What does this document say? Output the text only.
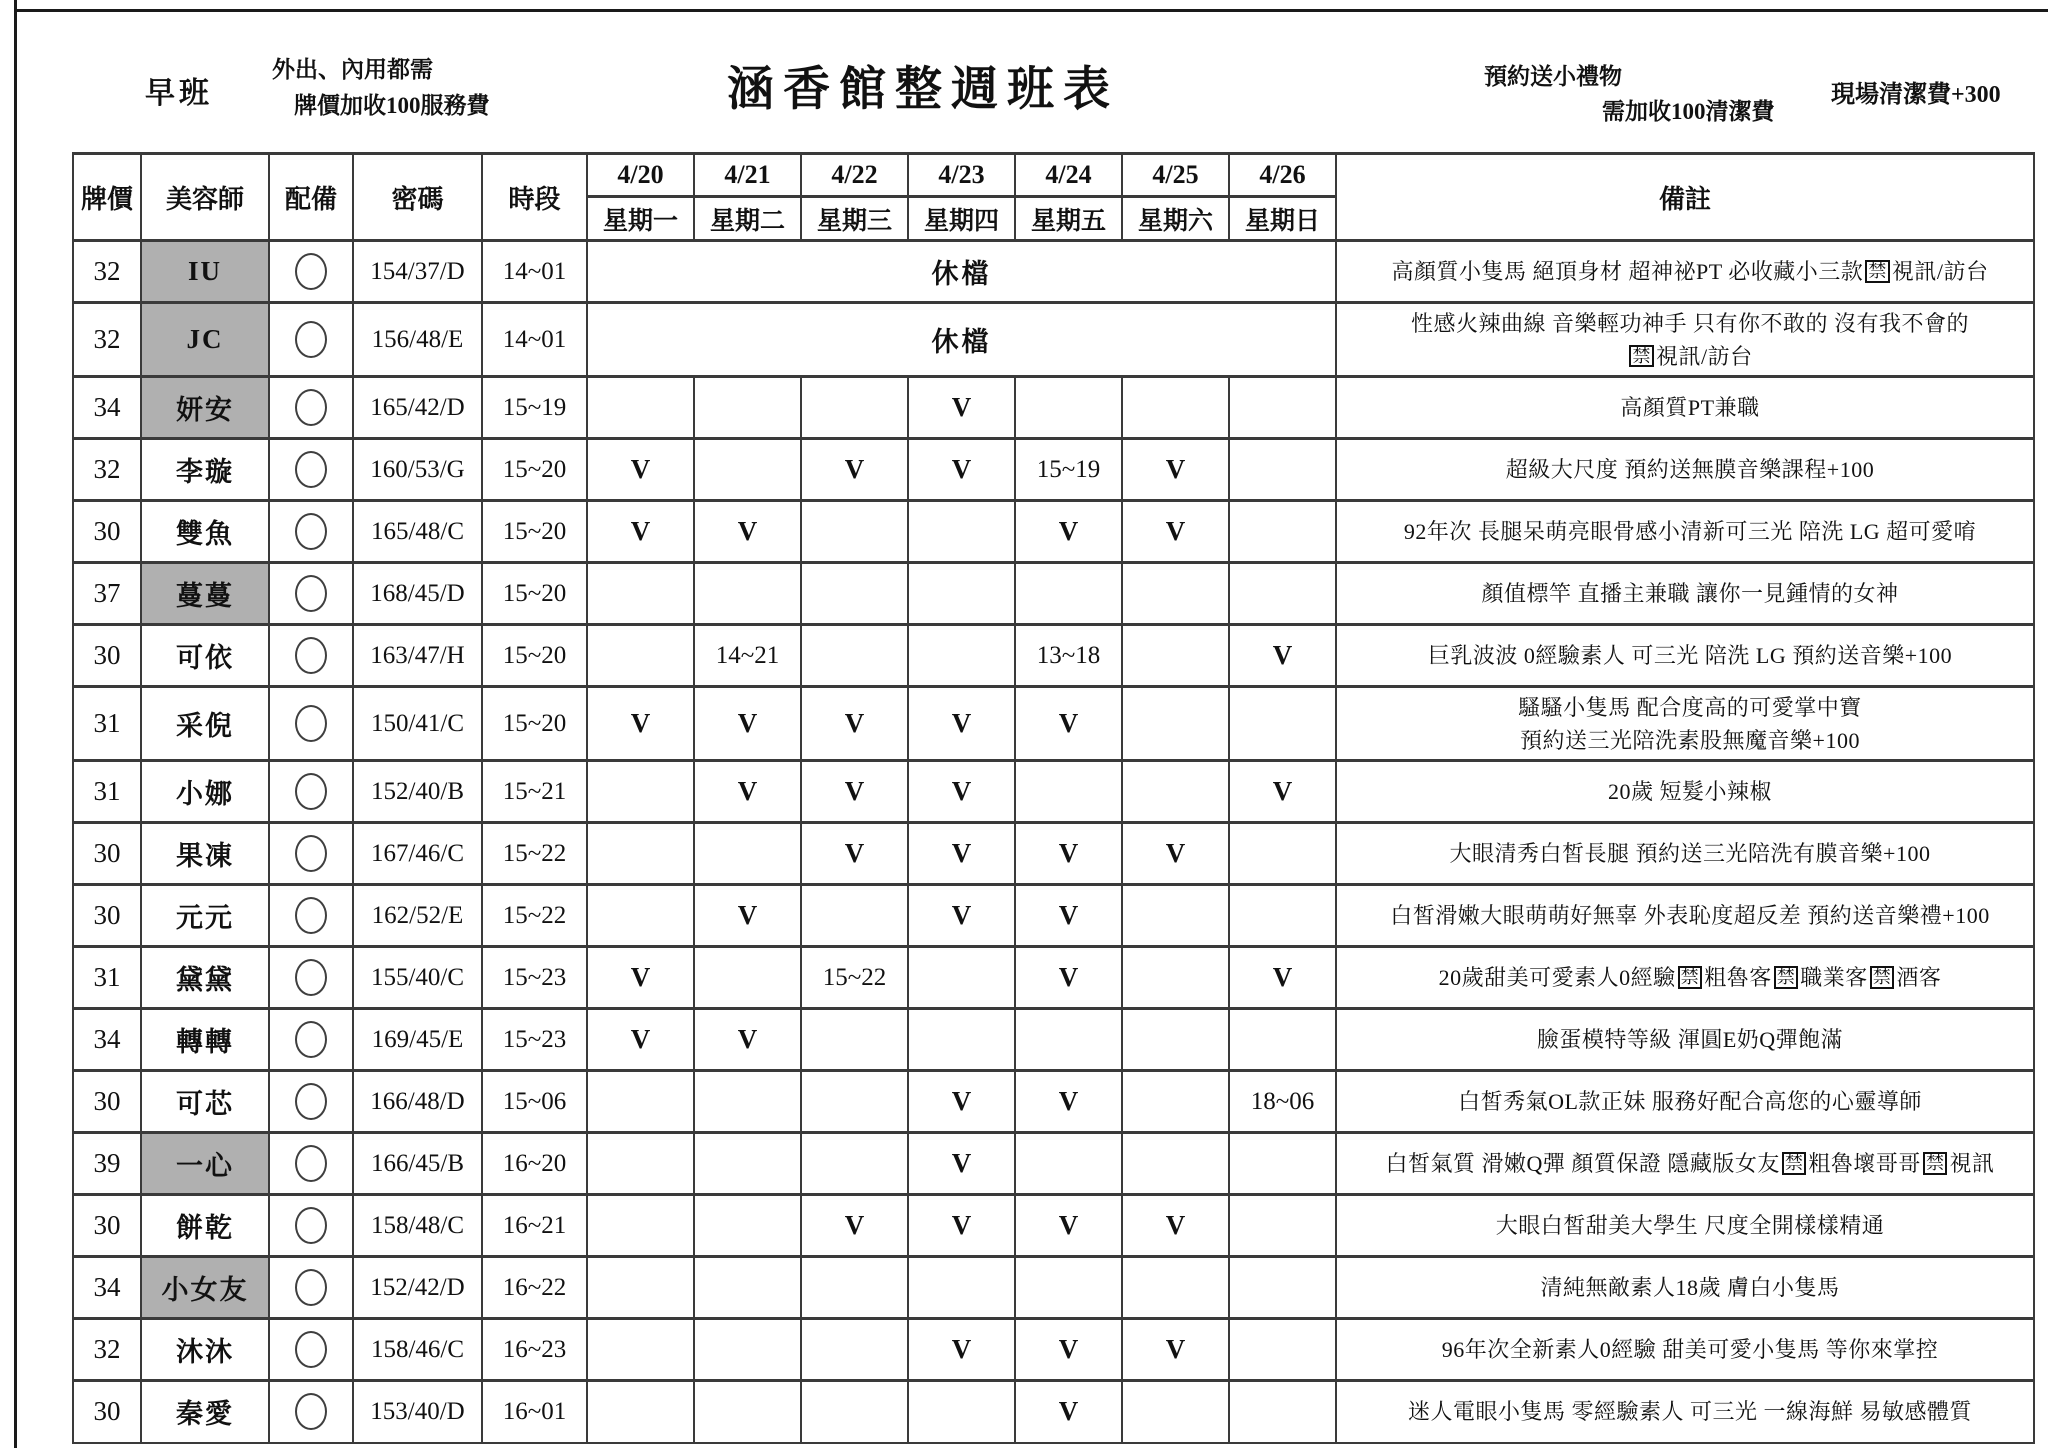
早班
外出、內用都需
牌價加收100服務費	涵香館整週班表	預約送小禮物
需加收100清潔費
現場清潔費+300
牌價	美容師	配備	密碼	時段	4/20	4/21	4/22	4/23	4/24	4/25	4/26	備註
					星期一	星期二	星期三	星期四	星期五	星期六	星期日	
32	IU		154/37/D	14~01	休檔							高顏質小隻馬 絕頂身材 超神祕PT 必收藏小三款 禁 視訊/訪台

32	JC		156/48/E	14~01	休檔							性感火辣曲線 音樂輕功神手 只有你不敢的 沒有我不會的
禁 視訊/訪台

34	妍安		165/42/D	15~19				V				高顏質PT兼職

32	李璇		160/53/G	15~20	V		V	V	15~19	V		超級大尺度 預約送無膜音樂課程+100

30	雙魚		165/48/C	15~20	V	V			V	V		92年次 長腿呆萌亮眼骨感小清新可三光 陪洗 LG 超可愛唷

37	蔓蔓		168/45/D	15~20								顏值標竿 直播主兼職 讓你一見鍾情的女神

30	可依		163/47/H	15~20		14~21			13~18		V	巨乳波波 0經驗素人 可三光 陪洗 LG 預約送音樂+100

31	采倪		150/41/C	15~20	V	V	V	V	V			騷騷小隻馬 配合度高的可愛掌中寶
預約送三光陪洗素股無魔音樂+100

31	小娜		152/40/B	15~21		V	V	V			V	20歲 短髮小辣椒

30	果凍		167/46/C	15~22			V	V	V	V		大眼清秀白皙長腿 預約送三光陪洗有膜音樂+100

30	元元		162/52/E	15~22		V		V	V			白皙滑嫩大眼萌萌好無辜 外表恥度超反差 預約送音樂禮+100

31	黛黛		155/40/C	15~23	V		15~22		V		V	20歲甜美可愛素人0經驗 禁 粗魯客 禁 職業客 禁 酒客

34	轉轉		169/45/E	15~23	V	V						臉蛋模特等級 渾圓E奶Q彈飽滿

30	可芯		166/48/D	15~06				V	V		18~06	白皙秀氣OL款正妹 服務好配合高您的心靈導師

39	一心		166/45/B	16~20				V				白皙氣質 滑嫩Q彈 顏質保證 隱藏版女友 禁 粗魯壞哥哥 禁 視訊

30	餅乾		158/48/C	16~21			V	V	V	V		大眼白皙甜美大學生 尺度全開樣樣精通

34	小女友		152/42/D	16~22								清純無敵素人18歲 膚白小隻馬

32	沐沐		158/46/C	16~23				V	V	V		96年次全新素人0經驗 甜美可愛小隻馬 等你來掌控

30	秦愛		153/40/D	16~01					V			迷人電眼小隻馬 零經驗素人 可三光 一線海鮮 易敏感體質
